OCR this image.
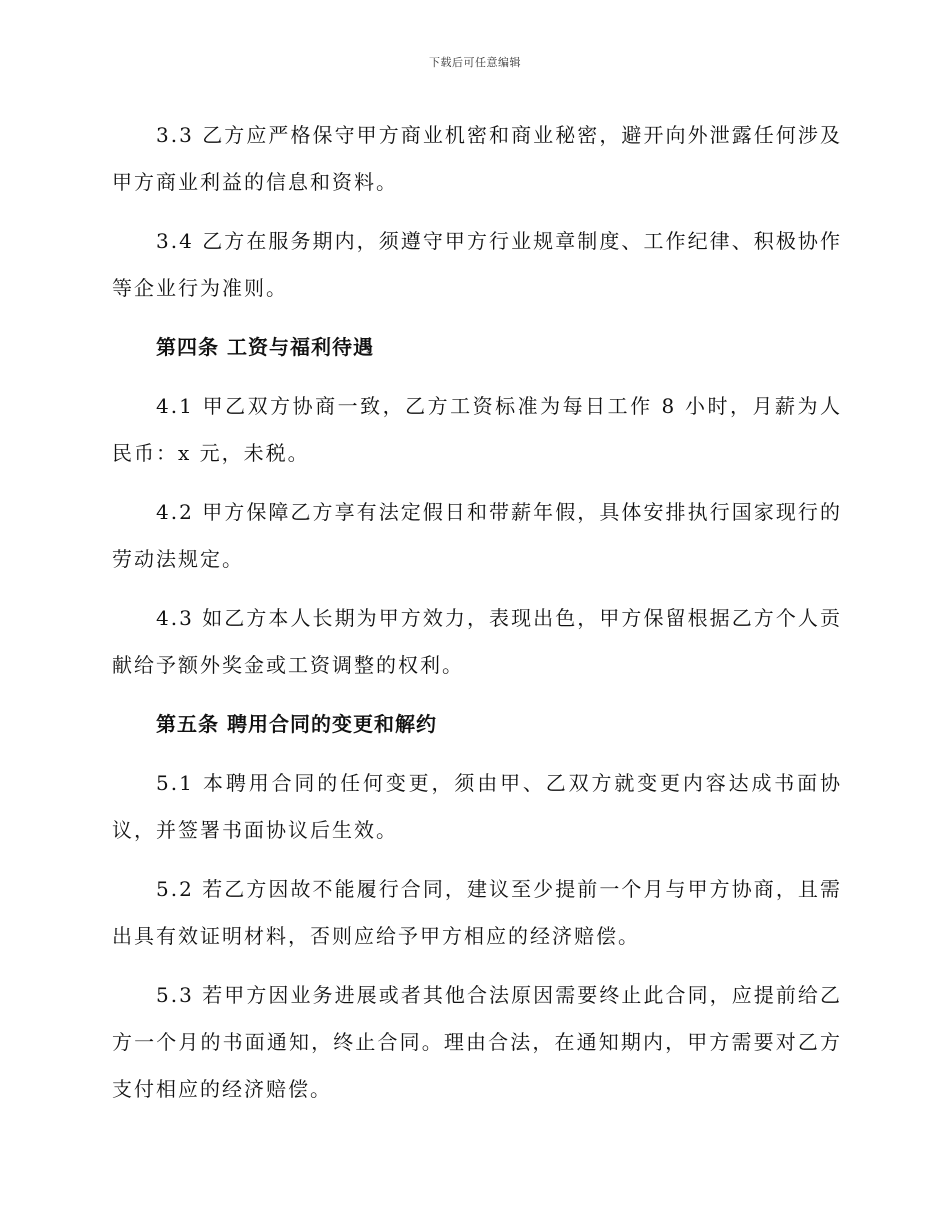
下载后可任意编辑

3.3 乙方应严格保守甲方商业机密和商业秘密，避开向外泄露任何涉及甲方商业利益的信息和资料。

3.4 乙方在服务期内，须遵守甲方行业规章制度、工作纪律、积极协作等企业行为准则。

第四条 工资与福利待遇

4.1 甲乙双方协商一致，乙方工资标准为每日工作 8 小时，月薪为人民币：x 元，未税。

4.2 甲方保障乙方享有法定假日和带薪年假，具体安排执行国家现行的劳动法规定。

4.3 如乙方本人长期为甲方效力，表现出色，甲方保留根据乙方个人贡献给予额外奖金或工资调整的权利。

第五条 聘用合同的变更和解约

5.1 本聘用合同的任何变更，须由甲、乙双方就变更内容达成书面协议，并签署书面协议后生效。

5.2 若乙方因故不能履行合同，建议至少提前一个月与甲方协商，且需出具有效证明材料，否则应给予甲方相应的经济赔偿。

5.3 若甲方因业务进展或者其他合法原因需要终止此合同，应提前给乙方一个月的书面通知，终止合同。理由合法，在通知期内，甲方需要对乙方支付相应的经济赔偿。
